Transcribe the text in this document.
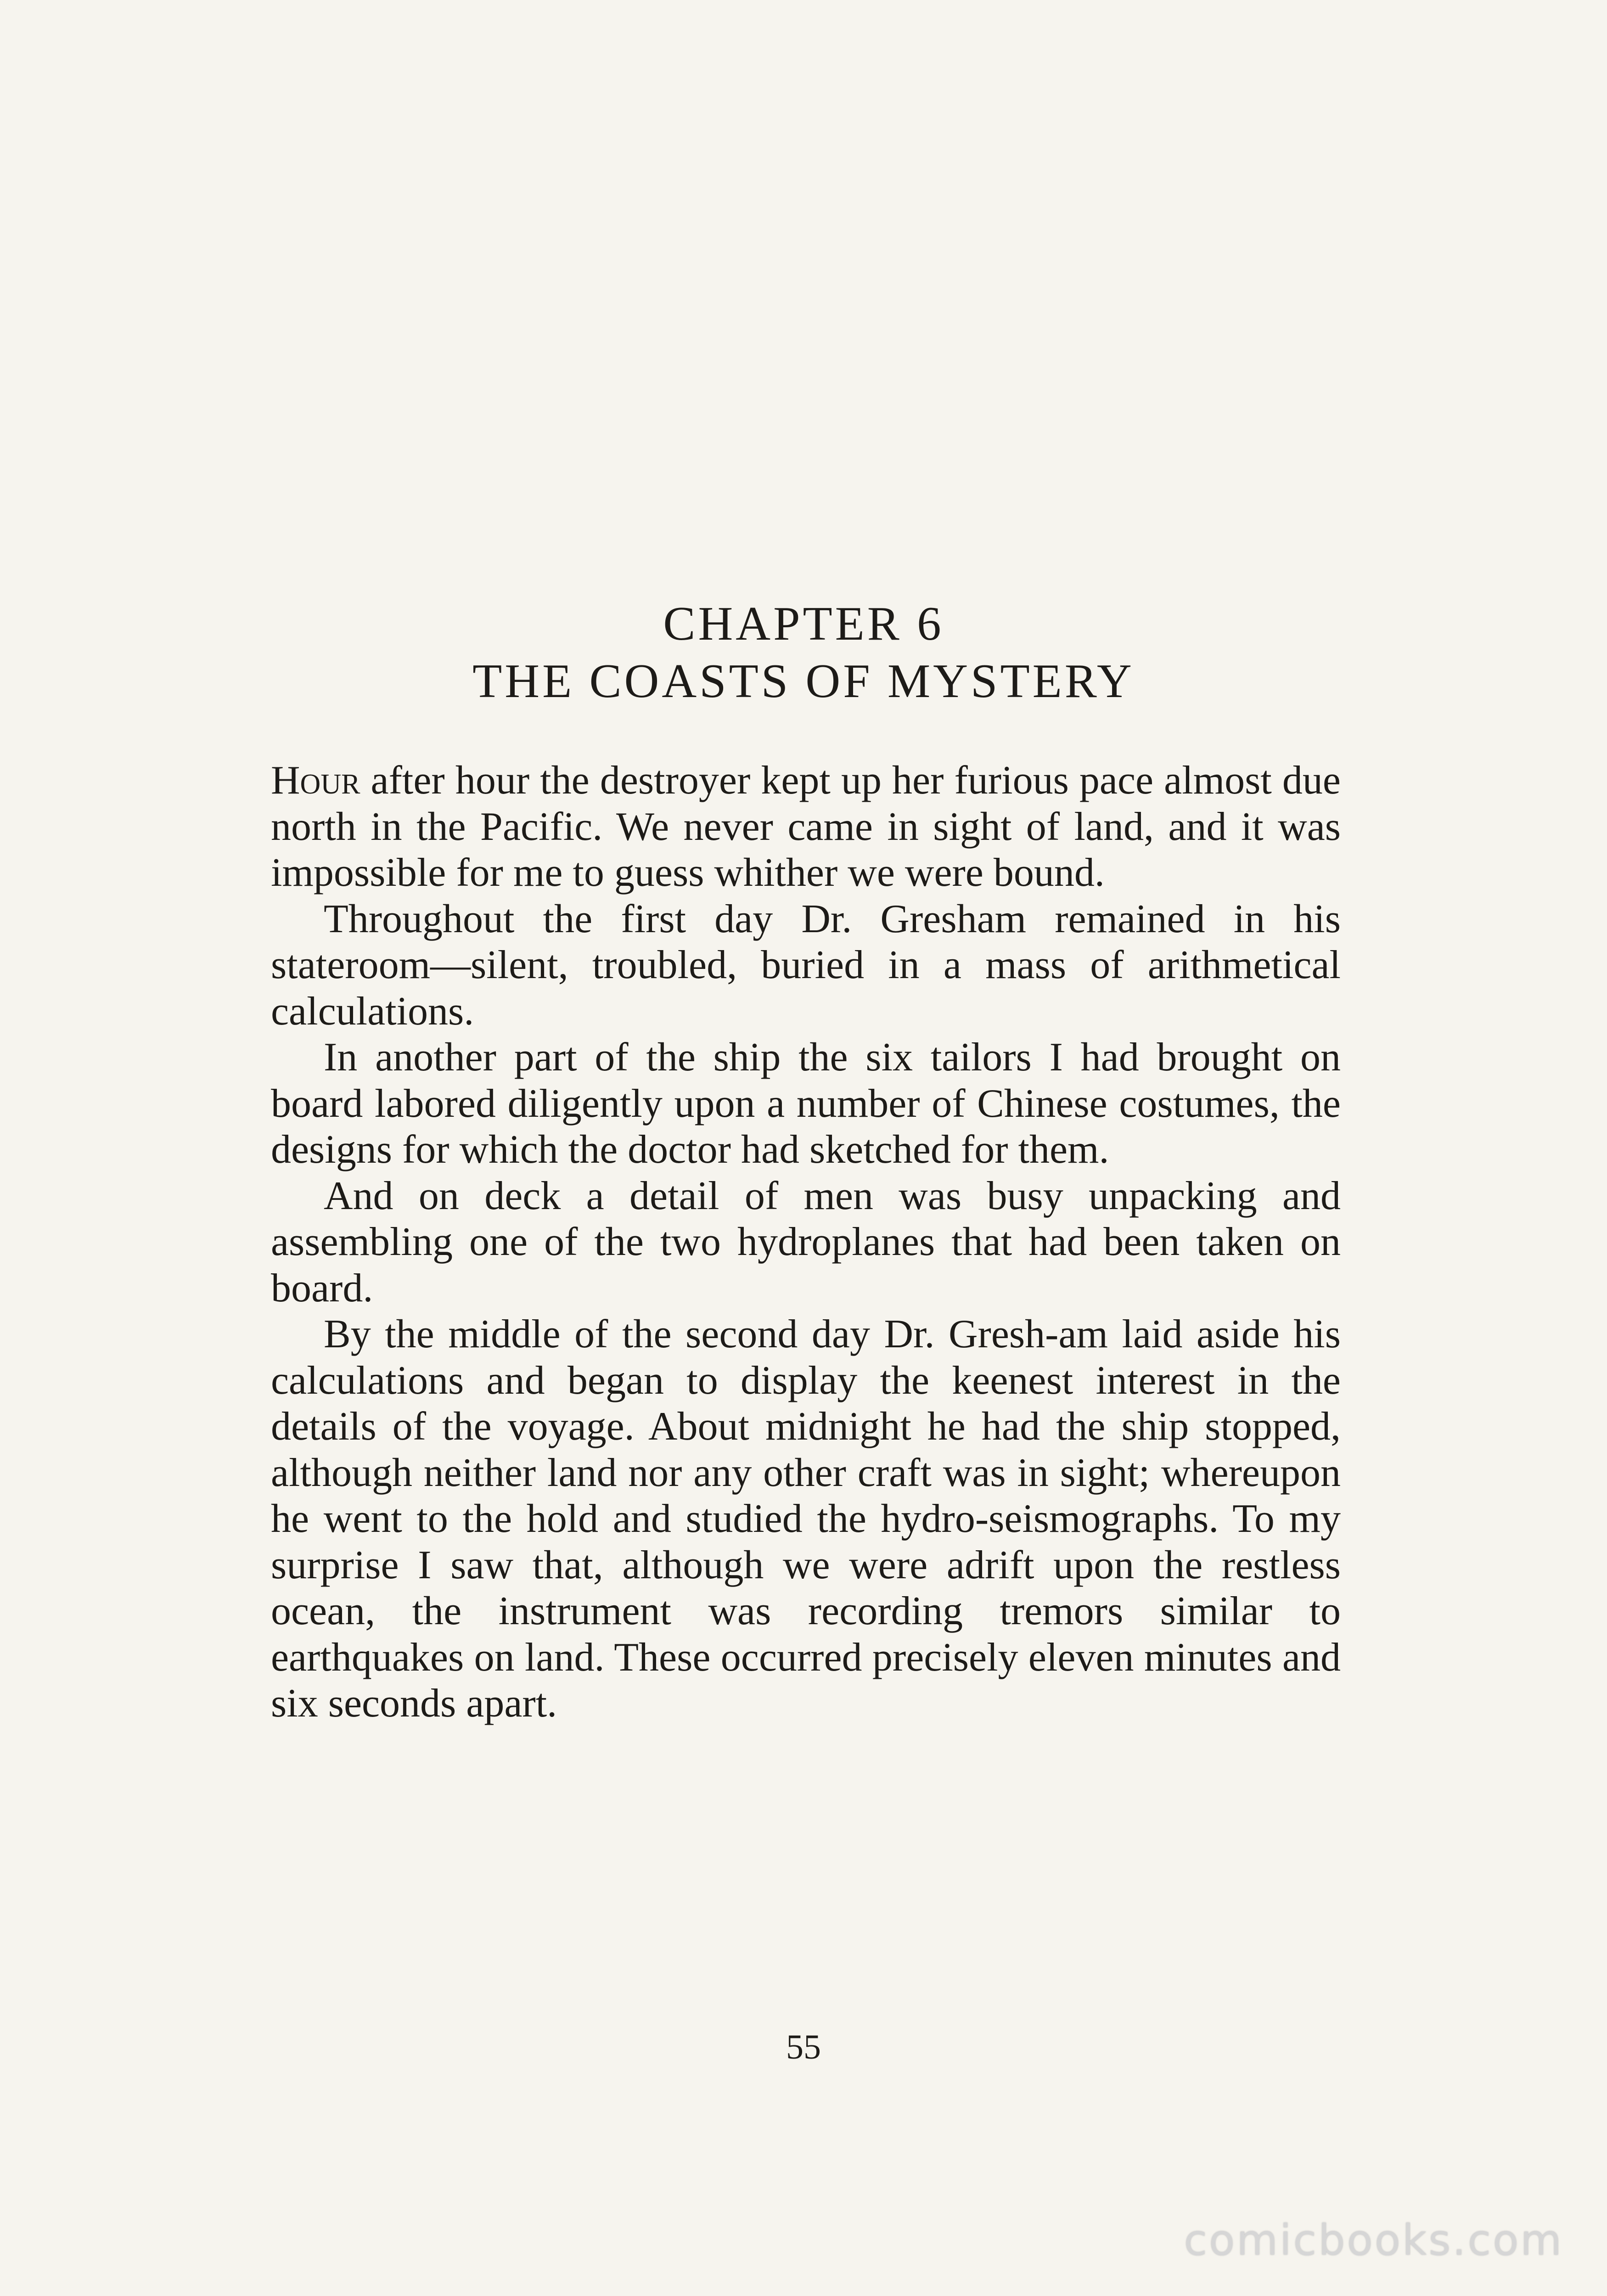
CHAPTER 6
THE COASTS OF MYSTERY

Hour after hour the destroyer kept up her furious pace almost due north in the Pacific. We never came in sight of land, and it was impossible for me to guess whither we were bound.

Throughout the first day Dr. Gresham remained in his stateroom—silent, troubled, buried in a mass of arithmetical calculations.

In another part of the ship the six tailors I had brought on board labored diligently upon a number of Chinese costumes, the designs for which the doctor had sketched for them.

And on deck a detail of men was busy unpacking and assembling one of the two hydroplanes that had been taken on board.

By the middle of the second day Dr. Gresh-am laid aside his calculations and began to display the keenest interest in the details of the voyage. About midnight he had the ship stopped, although neither land nor any other craft was in sight; whereupon he went to the hold and studied the hydro-seismographs. To my surprise I saw that, although we were adrift upon the restless ocean, the instrument was recording tremors similar to earthquakes on land. These occurred precisely eleven minutes and six seconds apart.

55
comicbooks.com
